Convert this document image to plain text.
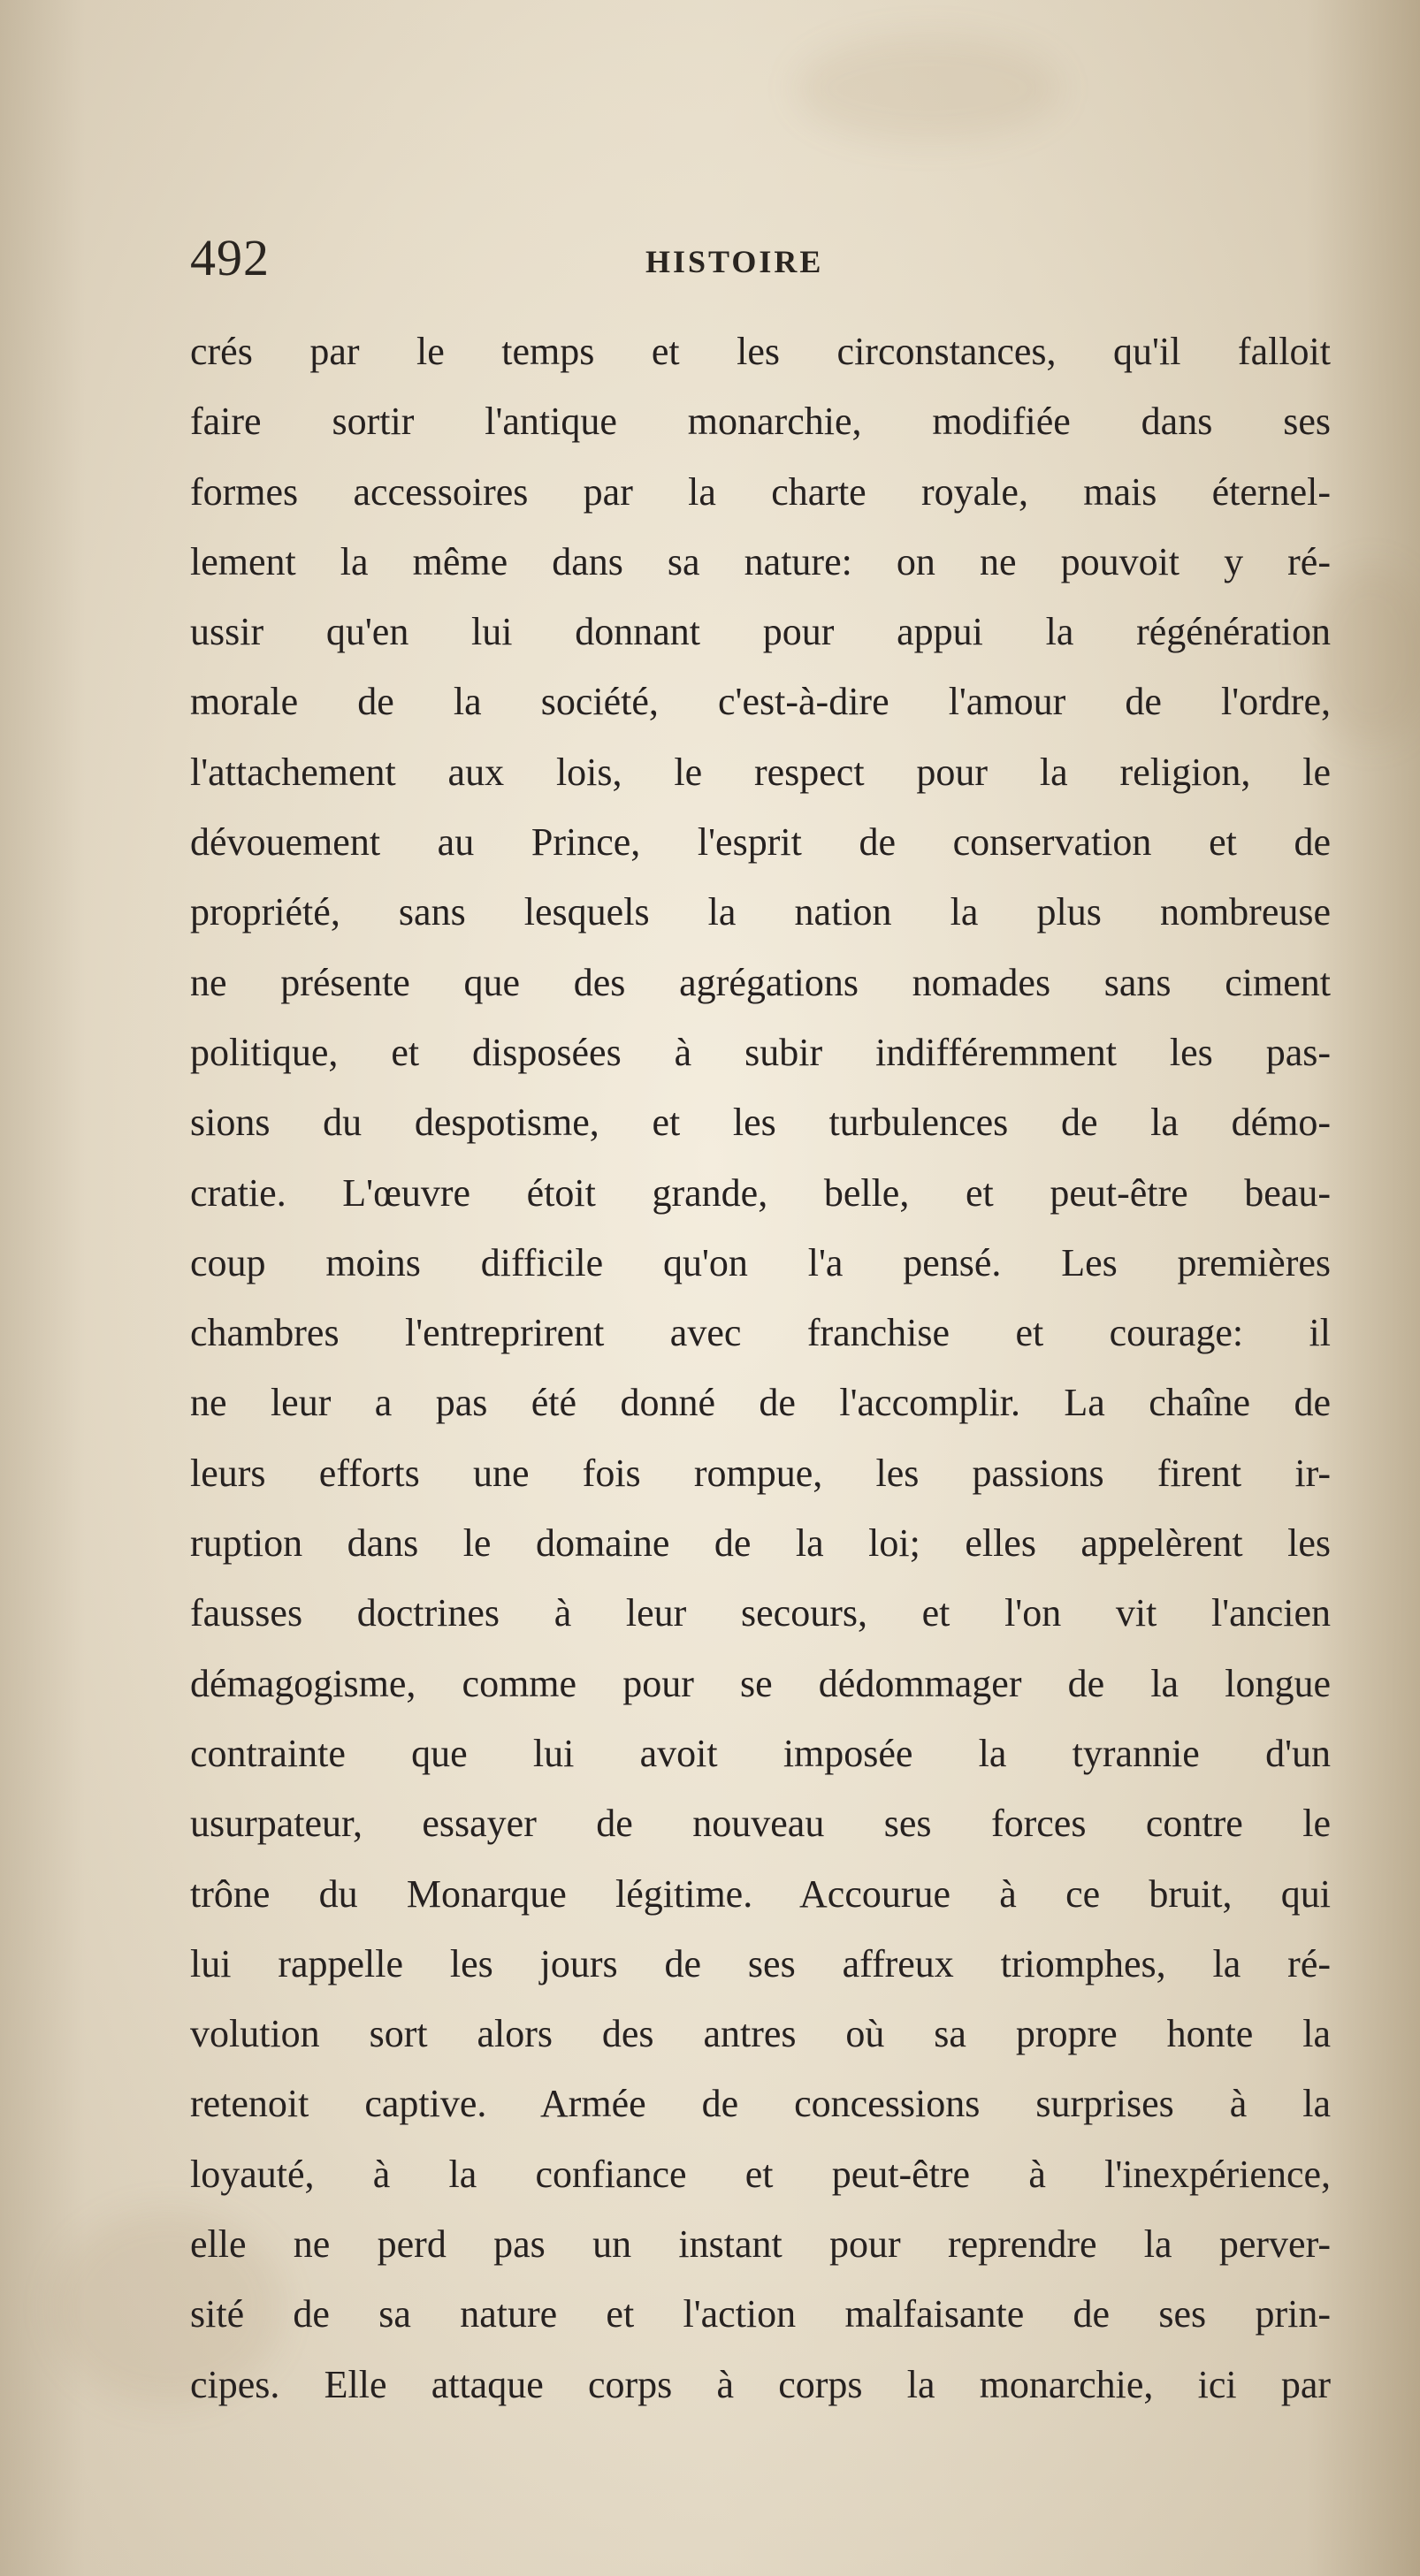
492	HISTOIRE
crés par le temps et les circonstances, qu'il falloit
faire sortir l'antique monarchie, modifiée dans ses
formes accessoires par la charte royale, mais éternel-
lement la même dans sa nature: on ne pouvoit y ré-
ussir qu'en lui donnant pour appui la régénération
morale de la société, c'est-à-dire l'amour de l'ordre,
l'attachement aux lois, le respect pour la religion, le
dévouement au Prince, l'esprit de conservation et de
propriété, sans lesquels la nation la plus nombreuse
ne présente que des agrégations nomades sans ciment
politique, et disposées à subir indifféremment les pas-
sions du despotisme, et les turbulences de la démo-
cratie. L'œuvre étoit grande, belle, et peut-être beau-
coup moins difficile qu'on l'a pensé. Les premières
chambres l'entreprirent avec franchise et courage: il
ne leur a pas été donné de l'accomplir. La chaîne de
leurs efforts une fois rompue, les passions firent ir-
ruption dans le domaine de la loi; elles appelèrent les
fausses doctrines à leur secours, et l'on vit l'ancien
démagogisme, comme pour se dédommager de la longue
contrainte que lui avoit imposée la tyrannie d'un
usurpateur, essayer de nouveau ses forces contre le
trône du Monarque légitime. Accourue à ce bruit, qui
lui rappelle les jours de ses affreux triomphes, la ré-
volution sort alors des antres où sa propre honte la
retenoit captive. Armée de concessions surprises à la
loyauté, à la confiance et peut-être à l'inexpérience,
elle ne perd pas un instant pour reprendre la perver-
sité de sa nature et l'action malfaisante de ses prin-
cipes. Elle attaque corps à corps la monarchie, ici par
